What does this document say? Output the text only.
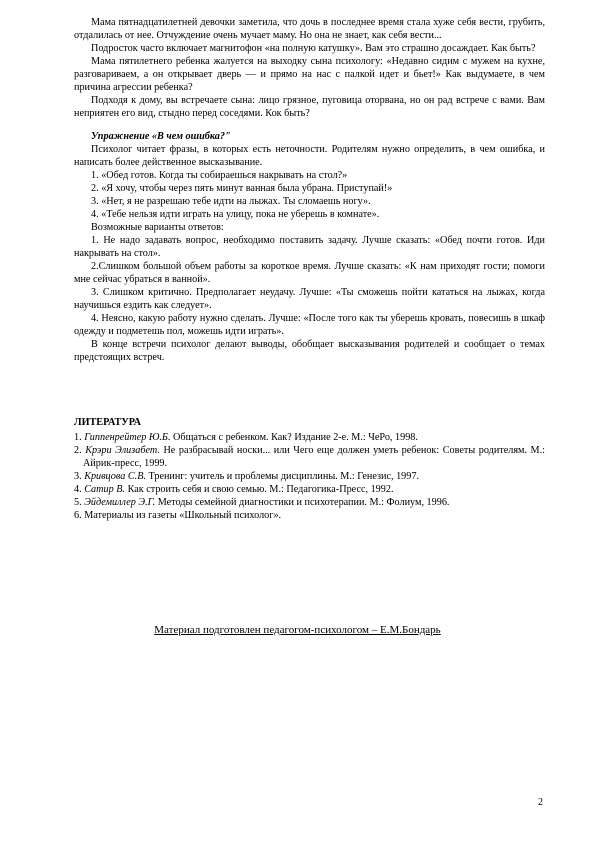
Мама пятнадцатилетней девочки заметила, что дочь в последнее время стала хуже себя вести, грубить, отдалилась от нее. Отчуждение очень мучает маму. Но она не знает, как себя вести...

Подросток часто включает магнитофон «на полную катушку». Вам это страшно досаждает. Как быть?

Мама пятилетнего ребенка жалуется на выходку сына психологу: «Недавно сидим с мужем на кухне, разговариваем, а он открывает дверь — и прямо на нас с палкой идет и бьет!» Как выдумаете, в чем причина агрессии ребенка?

Подходя к дому, вы встречаете сына: лицо грязное, пуговица оторвана, но он рад встрече с вами. Вам неприятен его вид, стыдно перед соседями. Кок быть?

Упражнение «В чем ошибка?"

Психолог читает фразы, в которых есть неточности. Родителям нужно определить, в чем ошибка, и написать более действенное высказывание.

1. «Обед готов. Когда ты собираешься накрывать на стол?»

2. «Я хочу, чтобы через пять минут ванная была убрана. Приступай!»

3. «Нет, я не разрешаю тебе идти на лыжах. Ты сломаешь ногу».

4. «Тебе нельзя идти играть на улицу, пока не уберешь в комнате».

Возможные варианты ответов:

1. Не надо задавать вопрос, необходимо поставить задачу. Лучше сказать: «Обед почти готов. Иди накрывать на стол».

2.Слишком большой объем работы за короткое время. Лучше сказать: «К нам приходят гости; помоги мне сейчас убраться в ванной».

3. Слишком критично. Предполагает неудачу. Лучше: «Ты сможешь пойти кататься на лыжах, когда научишься ездить как следует».

4. Неясно, какую работу нужно сделать. Лучше: «После того как ты уберешь кровать, повесишь в шкаф одежду и подметешь пол, можешь идти играть».

В конце встречи психолог делают выводы, обобщает высказывания родителей и сообщает о темах предстоящих встреч.

ЛИТЕРАТУРА

1. Гиппенрейтер Ю.Б. Общаться с ребенком. Как? Издание 2-е. М.: ЧеРо, 1998.

2. Крэри Элизабет. Не разбрасывай носки... или Чего еще должен уметь ребенок: Советы родителям. М.: Айрик-пресс, 1999.

3. Кривцова С.В. Тренинг: учитель и проблемы дисциплины. М.: Генезис, 1997.

4. Сатир В. Как строить себя и свою семью. М.: Педагогика-Пресс, 1992.

5. Эйдемиллер Э.Г. Методы семейной диагностики и психотерапии. М.: Фолиум, 1996.

6. Материалы из газеты «Школьный психолог».

Материал подготовлен педагогом-психологом – Е.М.Бондарь
2
